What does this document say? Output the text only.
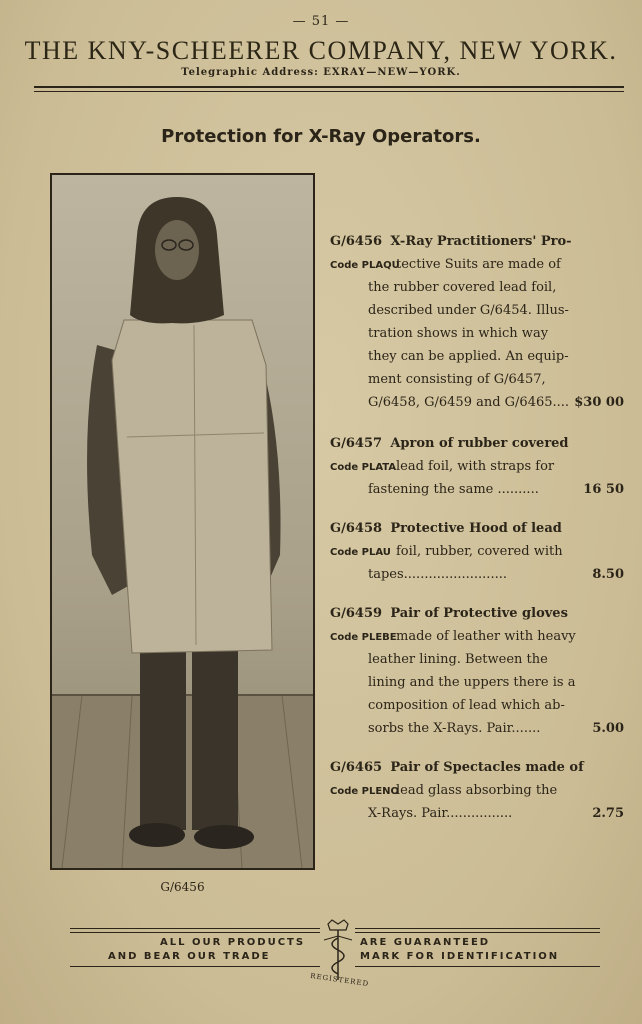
— 51 —
THE KNY-SCHEERER COMPANY, NEW YORK.
Telegraphic Address: EXRAY—NEW—YORK.
Protection for X-Ray Operators.
G/6456
G/6456 X-Ray Practitioners' Pro-
Code PLAQUtective Suits are made of
the rubber covered lead foil,
described under G/6454. Illus-
tration shows in which way
they can be applied. An equip-
ment consisting of G/6457,
G/6458, G/6459 and G/6465.... $30 00
G/6457 Apron of rubber covered
Code PLATAlead foil, with straps for
fastening the same ..........	16 50
G/6458 Protective Hood of lead
Code PLAU foil, rubber, covered with
tapes.........................	8.50
G/6459 Pair of Protective gloves
Code PLEBEmade of leather with heavy
leather lining. Between the
lining and the uppers there is a
composition of lead which ab-
sorbs the X-Rays. Pair.......	5.00
G/6465 Pair of Spectacles made of
Code PLENOlead glass absorbing the
X-Rays. Pair................	2.75
ALL OUR PRODUCTS
AND BEAR OUR TRADE
ARE GUARANTEED
MARK FOR IDENTIFICATION
REGISTERED
